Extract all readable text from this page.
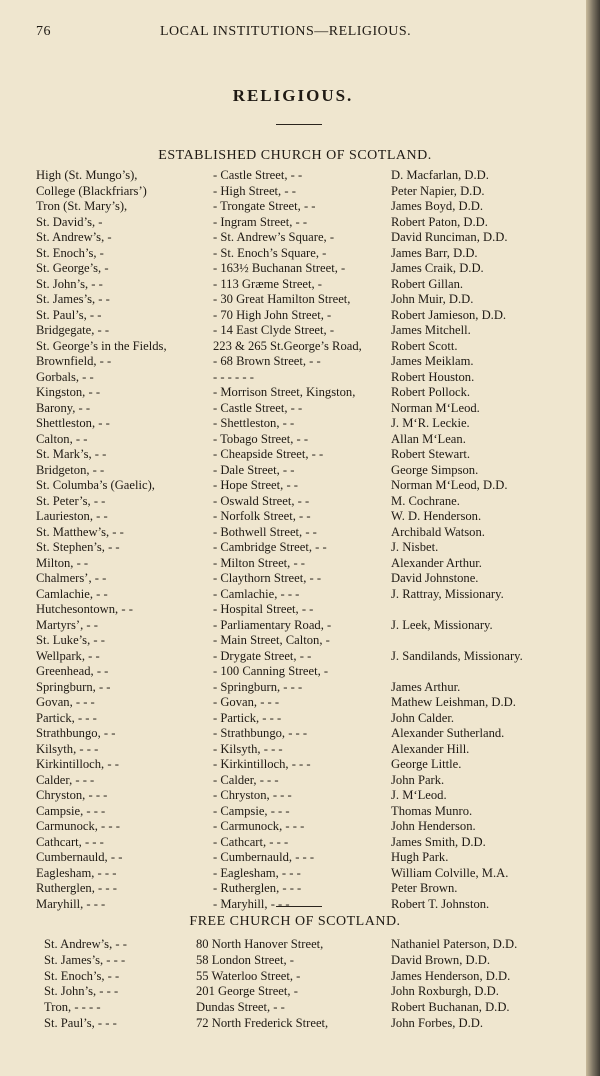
76	LOCAL INSTITUTIONS—RELIGIOUS.
RELIGIOUS.
ESTABLISHED CHURCH OF SCOTLAND.
High (St. Mungo’s),	- Castle Street, - -	D. Macfarlan, D.D.
College (Blackfriars’)	- High Street, - -	Peter Napier, D.D.
Tron (St. Mary’s),	- Trongate Street, - -	James Boyd, D.D.
St. David’s, -	- Ingram Street, - -	Robert Paton, D.D.
St. Andrew’s, -	- St. Andrew’s Square, -	David Runciman, D.D.
St. Enoch’s, -	- St. Enoch’s Square, -	James Barr, D.D.
St. George’s, -	- 163½ Buchanan Street, -	James Craik, D.D.
St. John’s, - -	- 113 Græme Street, -	Robert Gillan.
St. James’s, - -	- 30 Great Hamilton Street,	John Muir, D.D.
St. Paul’s, - -	- 70 High John Street, -	Robert Jamieson, D.D.
Bridgegate, - -	- 14 East Clyde Street, -	James Mitchell.
St. George’s in the Fields,	223 & 265 St.George’s Road, Robert Scott.
Brownfield, - -	- 68 Brown Street, - -	James Meiklam.
Gorbals, - -	- - - - - -	Robert Houston.
Kingston, - -	- Morrison Street, Kingston,	Robert Pollock.
Barony, - -	- Castle Street, - -	Norman M‘Leod.
Shettleston, - -	- Shettleston, - -	J. M‘R. Leckie.
Calton, - -	- Tobago Street, - -	Allan M‘Lean.
St. Mark’s, - -	- Cheapside Street, - -	Robert Stewart.
Bridgeton, - -	- Dale Street, - -	George Simpson.
St. Columba’s (Gaelic),	- Hope Street, - -	Norman M‘Leod, D.D.
St. Peter’s, - -	- Oswald Street, - -	M. Cochrane.
Laurieston, - -	- Norfolk Street, - -	W. D. Henderson.
St. Matthew’s, - -	- Bothwell Street, - -	Archibald Watson.
St. Stephen’s, - -	- Cambridge Street, - -	J. Nisbet.
Milton, - -	- Milton Street, - -	Alexander Arthur.
Chalmers’, - -	- Claythorn Street, - -	David Johnstone.
Camlachie, - -	- Camlachie, - - -	J. Rattray, Missionary.
Hutchesontown, - -	- Hospital Street, - -
Martyrs’, - -	- Parliamentary Road, -	J. Leek, Missionary.
St. Luke’s, - -	- Main Street, Calton, -
Wellpark, - -	- Drygate Street, - -	J. Sandilands, Missionary.
Greenhead, - -	- 100 Canning Street, -
Springburn, - -	- Springburn, - - -	James Arthur.
Govan, - - -	- Govan, - - -	Mathew Leishman, D.D.
Partick, - - -	- Partick, - - -	John Calder.
Strathbungo, - -	- Strathbungo, - - -	Alexander Sutherland.
Kilsyth, - - -	- Kilsyth, - - -	Alexander Hill.
Kirkintilloch, - -	- Kirkintilloch, - - -	George Little.
Calder, - - -	- Calder, - - -	John Park.
Chryston, - - -	- Chryston, - - -	J. M‘Leod.
Campsie, - - -	- Campsie, - - -	Thomas Munro.
Carmunock, - - -	- Carmunock, - - -	John Henderson.
Cathcart, - - -	- Cathcart, - - -	James Smith, D.D.
Cumbernauld, - -	- Cumbernauld, - - -	Hugh Park.
Eaglesham, - - -	- Eaglesham, - - -	William Colville, M.A.
Rutherglen, - - -	- Rutherglen, - - -	Peter Brown.
Maryhill, - - -	- Maryhill, - - -	Robert T. Johnston.
FREE CHURCH OF SCOTLAND.
St. Andrew’s, - -	80 North Hanover Street,	Nathaniel Paterson, D.D.
St. James’s, - - -	58 London Street, -	David Brown, D.D.
St. Enoch’s, - -	55 Waterloo Street, -	James Henderson, D.D.
St. John’s, - - -	201 George Street, -	John Roxburgh, D.D.
Tron, - - - -	Dundas Street, - -	Robert Buchanan, D.D.
St. Paul’s, - - -	72 North Frederick Street,	John Forbes, D.D.
